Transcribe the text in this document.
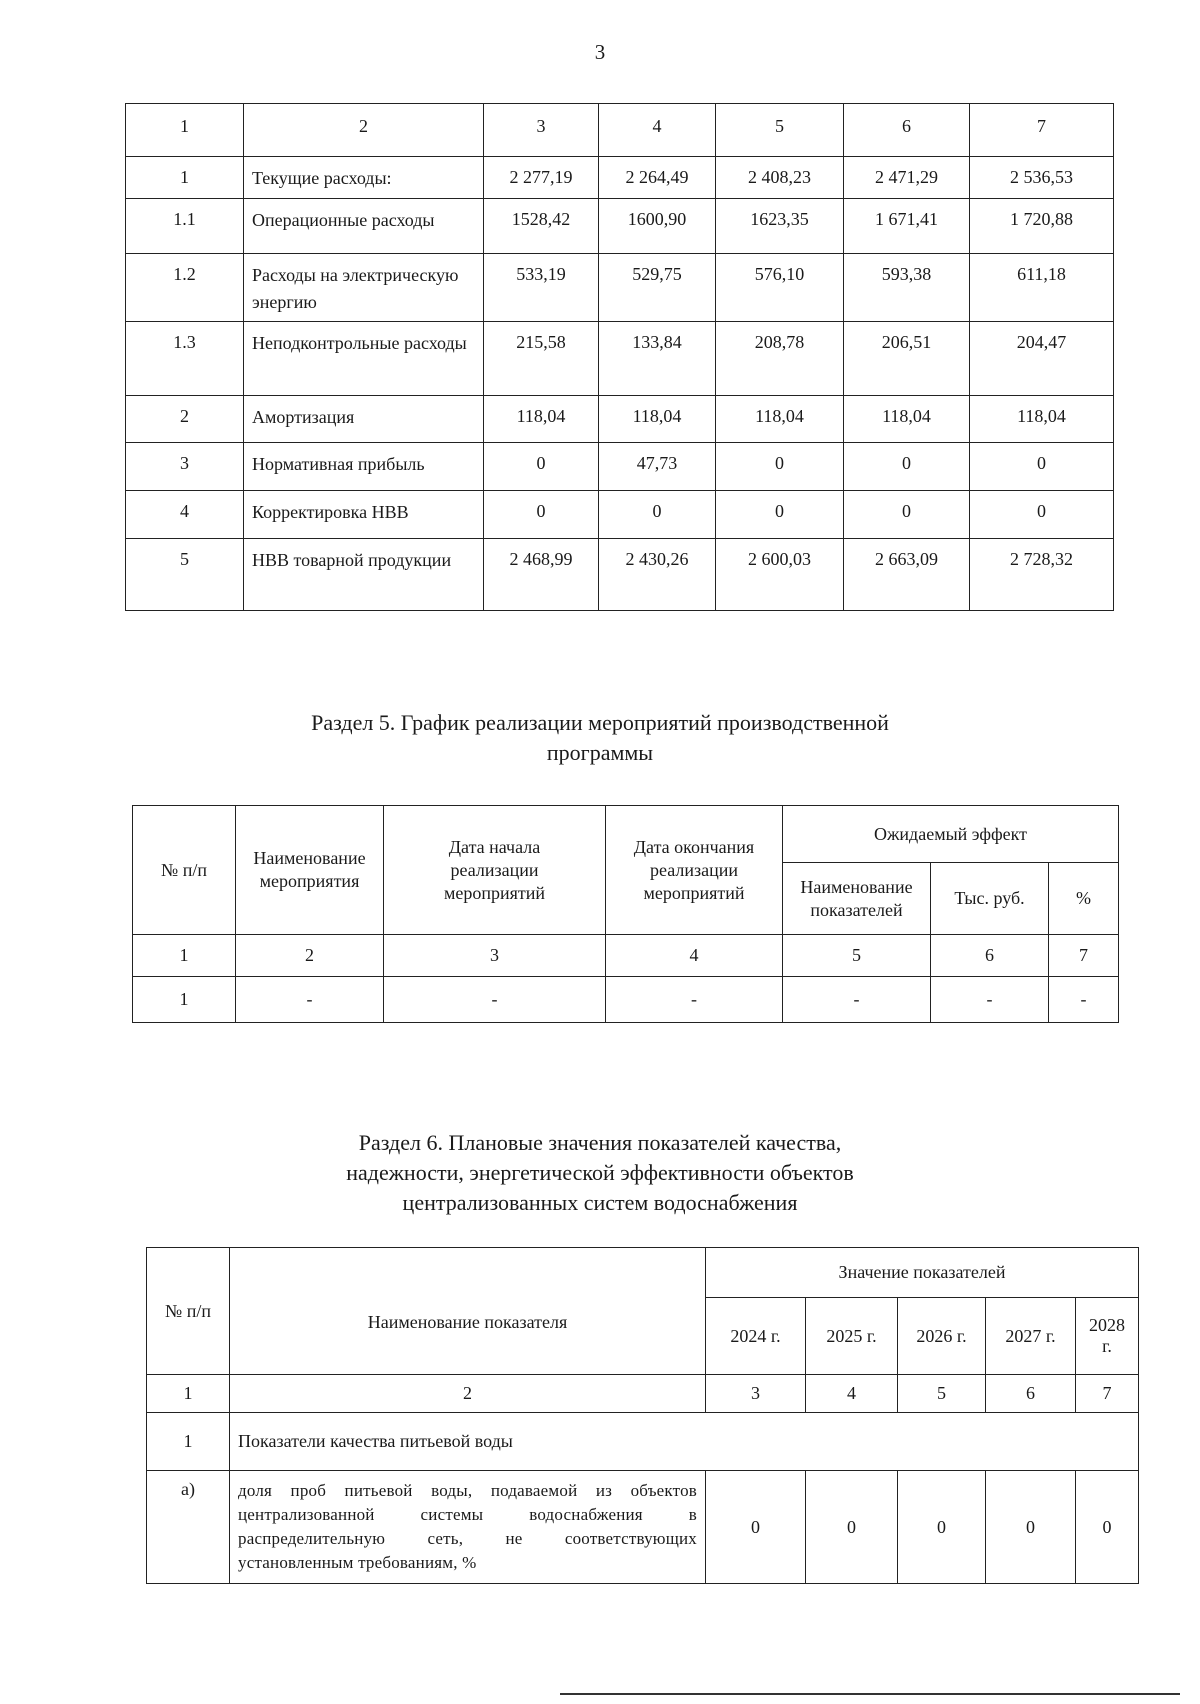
3
1	2	3	4	5	6	7
1	Текущие расходы:	2 277,19	2 264,49	2 408,23	2 471,29	2 536,53
1.1	Операционные расходы	1528,42	1600,90	1623,35	1 671,41	1 720,88
1.2	Расходы на электрическую энергию	533,19	529,75	576,10	593,38	611,18
1.3	Неподконтрольные расходы	215,58	133,84	208,78	206,51	204,47
2	Амортизация	118,04	118,04	118,04	118,04	118,04
3	Нормативная прибыль	0	47,73	0	0	0
4	Корректировка НВВ	0	0	0	0	0
5	НВВ товарной продукции	2 468,99	2 430,26	2 600,03	2 663,09	2 728,32
Раздел 5. График реализации мероприятий производственной
программы
№ п/п	Наименование мероприятия	Дата начала реализации мероприятий	Дата окончания реализации мероприятий	Ожидаемый эффект		
				Наименование показателей	Тыс. руб.	%
1	2	3	4	5	6	7
1	-	-	-	-	-	-
Раздел 6. Плановые значения показателей качества,
надежности, энергетической эффективности объектов
централизованных систем водоснабжения
№ п/п	Наименование показателя	Значение показателей				
		2024 г.	2025 г.	2026 г.	2027 г.	2028 г.
1	2	3	4	5	6	7
1	Показатели качества питьевой воды					
а)	доля проб питьевой воды, подаваемой из объектов централизованной системы водоснабжения в распределительную сеть, не соответствующих установленным требованиям, %	0	0	0	0	0
